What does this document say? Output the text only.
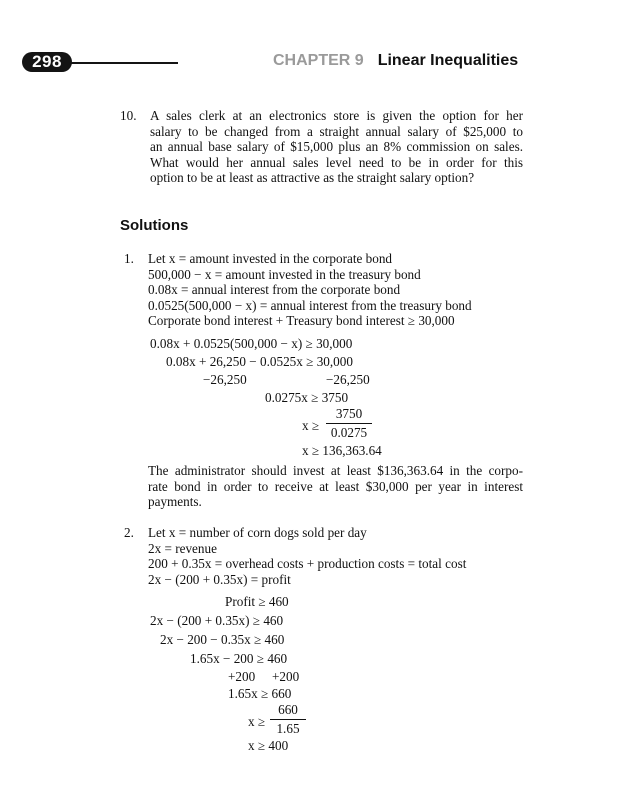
298	CHAPTER 9 Linear Inequalities
10. A sales clerk at an electronics store is given the option for her
salary to be changed from a straight annual salary of $25,000 to
an annual base salary of $15,000 plus an 8% commission on sales.
What would her annual sales level need to be in order for this
option to be at least as attractive as the straight salary option?
Solutions
1. Let x = amount invested in the corporate bond
500,000 − x = amount invested in the treasury bond
0.08x = annual interest from the corporate bond
0.0525(500,000 − x) = annual interest from the treasury bond
Corporate bond interest + Treasury bond interest ≥ 30,000
0.08x + 0.0525(500,000 − x) ≥ 30,000
0.08x + 26,250 − 0.0525x ≥ 30,000
−26,250	−26,250
0.0275x ≥ 3750
x ≥
3750
0.0275
x ≥ 136,363.64
The administrator should invest at least $136,363.64 in the corpo-
rate bond in order to receive at least $30,000 per year in interest
payments.
2. Let x = number of corn dogs sold per day
2x = revenue
200 + 0.35x = overhead costs + production costs = total cost
2x − (200 + 0.35x) = profit
Profit ≥ 460
2x − (200 + 0.35x) ≥ 460
2x − 200 − 0.35x ≥ 460
1.65x − 200 ≥ 460
+200 +200
1.65x ≥ 660
x ≥
660
1.65
x ≥ 400
